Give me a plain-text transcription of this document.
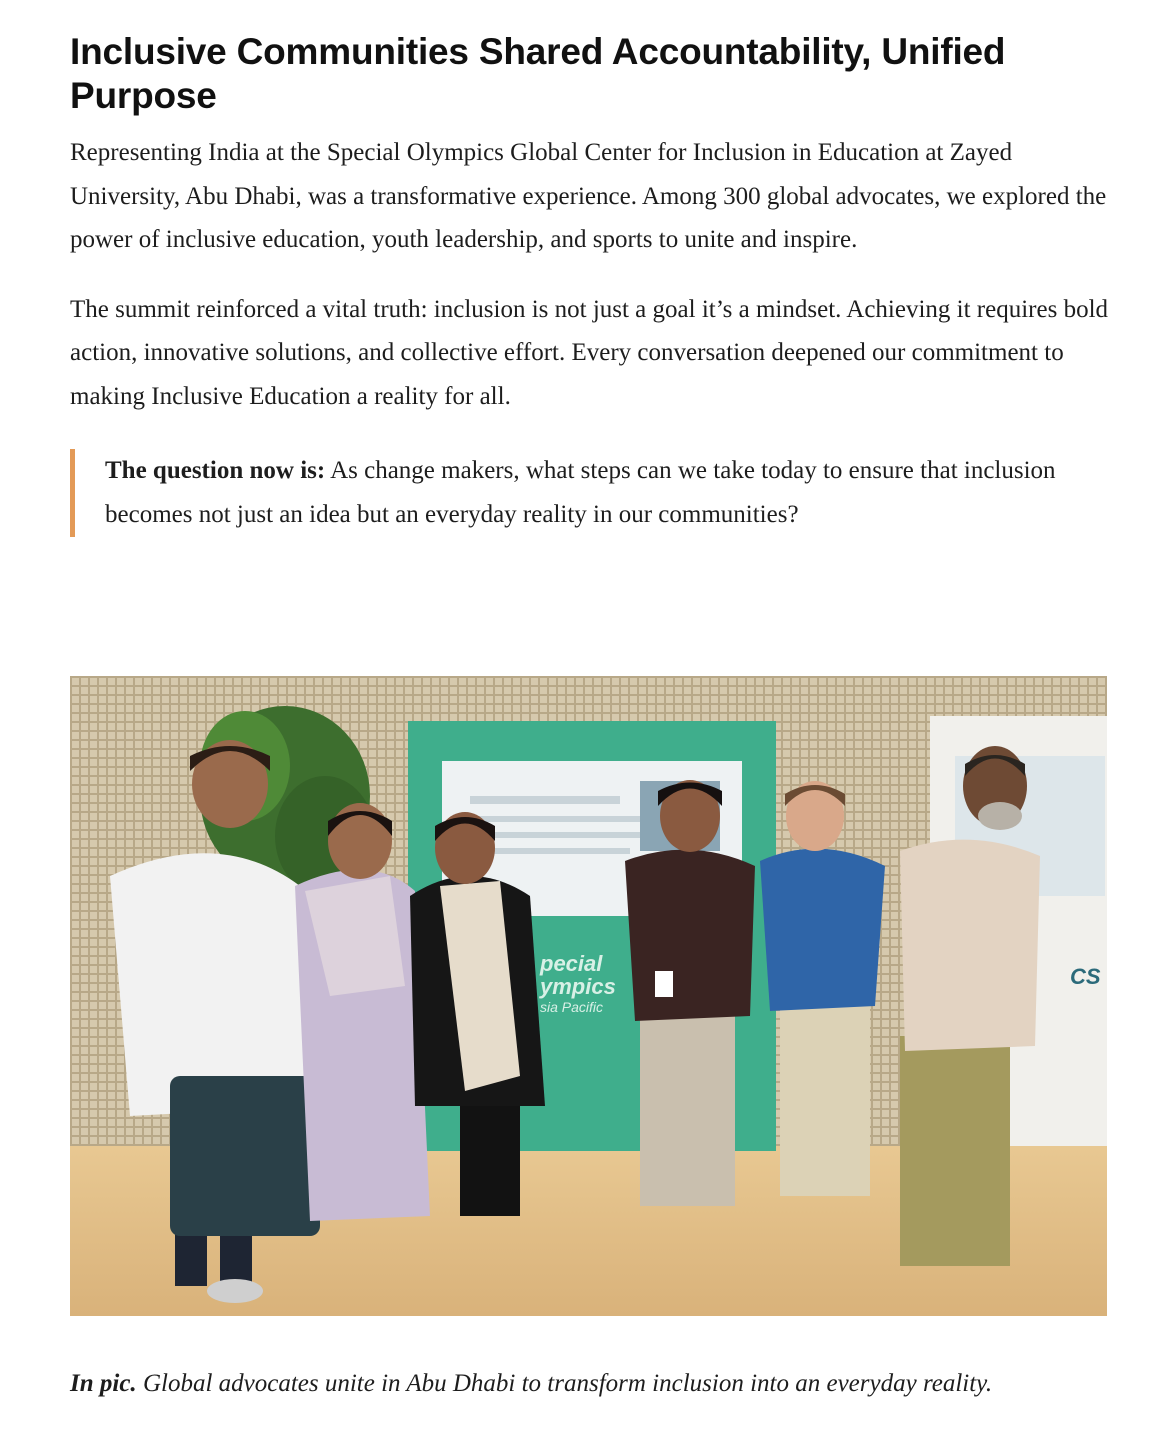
Inclusive Communities Shared Accountability, Unified Purpose

Representing India at the Special Olympics Global Center for Inclusion in Education at Zayed University, Abu Dhabi, was a transformative experience. Among 300 global advocates, we explored the power of inclusive education, youth leadership, and sports to unite and inspire.

The summit reinforced a vital truth: inclusion is not just a goal it’s a mindset. Achieving it requires bold action, innovative solutions, and collective effort. Every conversation deepened our commitment to making Inclusive Education a reality for all.

The question now is: As change makers, what steps can we take today to ensure that inclusion becomes not just an idea but an everyday reality in our communities?
pecial
ympics
sia Pacific
CS

In pic. Global advocates unite in Abu Dhabi to transform inclusion into an everyday reality.
